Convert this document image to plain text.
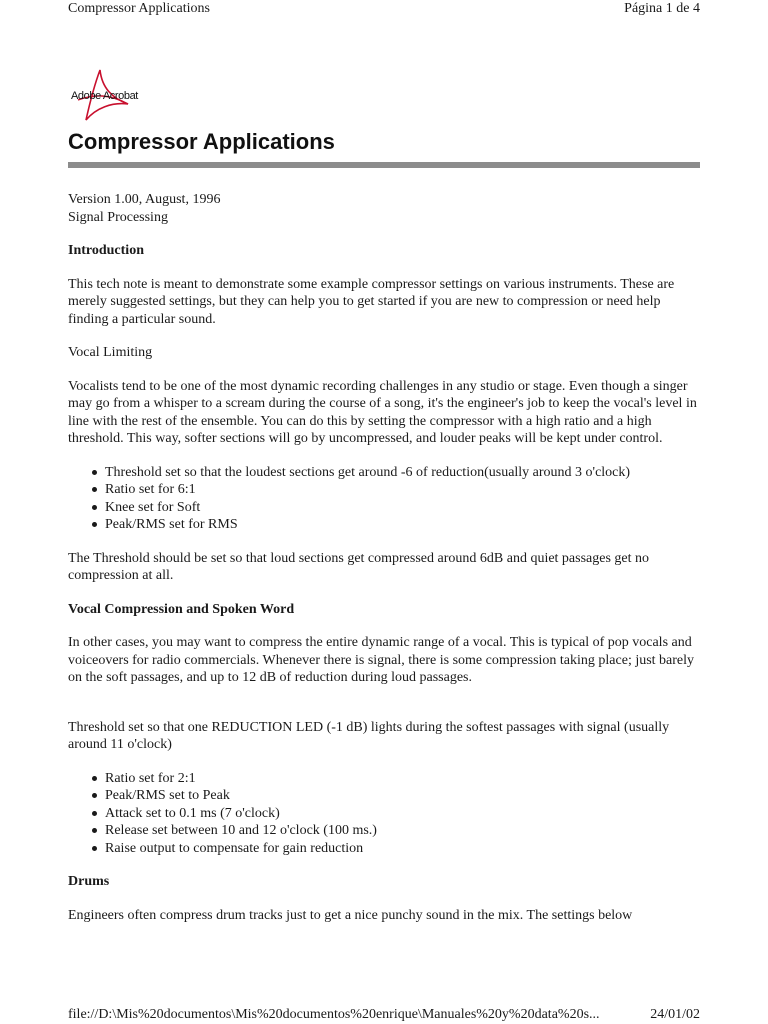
Compressor Applications	Página 1 de 4
Adobe Acrobat
Compressor Applications

Version 1.00, August, 1996

Signal Processing

Introduction

This tech note is meant to demonstrate some example compressor settings on various instruments. These are merely suggested settings, but they can help you to get started if you are new to compression or need help finding a particular sound.

Vocal Limiting

Vocalists tend to be one of the most dynamic recording challenges in any studio or stage. Even though a singer may go from a whisper to a scream during the course of a song, it's the engineer's job to keep the vocal's level in line with the rest of the ensemble. You can do this by setting the compressor with a high ratio and a high threshold. This way, softer sections will go by uncompressed, and louder peaks will be kept under control.

Threshold set so that the loudest sections get around -6 of reduction(usually around 3 o'clock)
Ratio set for 6:1
Knee set for Soft
Peak/RMS set for RMS

The Threshold should be set so that loud sections get compressed around 6dB and quiet passages get no compression at all.

Vocal Compression and Spoken Word

In other cases, you may want to compress the entire dynamic range of a vocal. This is typical of pop vocals and voiceovers for radio commercials. Whenever there is signal, there is some compression taking place; just barely on the soft passages, and up to 12 dB of reduction during loud passages.

Threshold set so that one REDUCTION LED (-1 dB) lights during the softest passages with signal (usually around 11 o'clock)

Ratio set for 2:1
Peak/RMS set to Peak
Attack set to 0.1 ms (7 o'clock)
Release set between 10 and 12 o'clock (100 ms.)
Raise output to compensate for gain reduction

Drums

Engineers often compress drum tracks just to get a nice punchy sound in the mix. The settings below

file://D:\Mis%20documentos\Mis%20documentos%20enrique\Manuales%20y%20data%20s...	24/01/02
